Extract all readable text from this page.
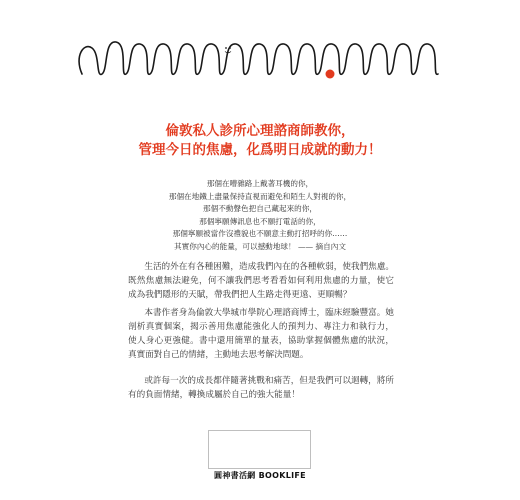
倫敦私人診所心理諮商師教你，
管理今日的焦慮，化爲明日成就的動力！
那個在嘈雜路上戴著耳機的你，
那個在地鐵上盡量保持直視而避免和陌生人對視的你，
那個不動聲色把自己藏起來的你，
那個寧願傳訊息也不願打電話的你，
那個寧願被當作沒禮貌也不願意主動打招呼的你……
其實你內心的能量，可以撼動地球！ —— 摘自內文

生活的外在有各種困難，造成我們內在的各種軟弱，使我們焦慮。既然焦慮無法避免，何不讓我們思考看看如何利用焦慮的力量，使它成為我們隱形的天賦，帶我們把人生路走得更遠、更順暢？

本書作者身為倫敦大學城市學院心理諮商博士，臨床經驗豐富。她剖析真實個案，揭示善用焦慮能強化人的預判力、專注力和執行力，使人身心更強健。書中還用簡單的量表，協助掌握個體焦慮的狀況，真實面對自己的情緒，主動地去思考解決問題。

或許每一次的成長都伴隨著挑戰和痛苦，但是我們可以迴轉，將所有的負面情緒，轉換成屬於自己的強大能量！

圓神書活網 BOOKLIFE
